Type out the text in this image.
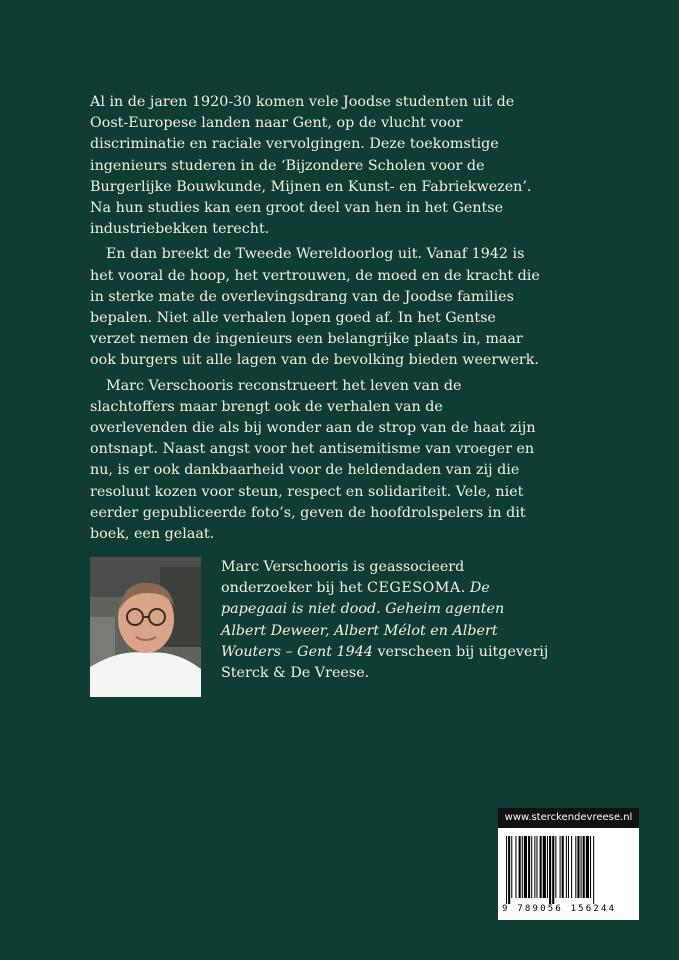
Al in de jaren 1920-30 komen vele Joodse studenten uit de Oost-Europese landen naar Gent, op de vlucht voor discriminatie en raciale vervolgingen. Deze toekomstige ingenieurs studeren in de ‘Bijzondere Scholen voor de Burgerlijke Bouwkunde, Mijnen en Kunst- en Fabriekwezen’. Na hun studies kan een groot deel van hen in het Gentse industriebekken terecht.

En dan breekt de Tweede Wereldoorlog uit. Vanaf 1942 is het vooral de hoop, het vertrouwen, de moed en de kracht die in sterke mate de overlevingsdrang van de Joodse families bepalen. Niet alle verhalen lopen goed af. In het Gentse verzet nemen de ingenieurs een belangrijke plaats in, maar ook burgers uit alle lagen van de bevolking bieden weerwerk.

Marc Verschooris reconstrueert het leven van de slachtoffers maar brengt ook de verhalen van de overlevenden die als bij wonder aan de strop van de haat zijn ontsnapt. Naast angst voor het antisemitisme van vroeger en nu, is er ook dankbaarheid voor de heldendaden van zij die resoluut kozen voor steun, respect en solidariteit. Vele, niet eerder gepubliceerde foto’s, geven de hoofdrolspelers in dit boek, een gelaat.

Marc Verschooris is geassocieerd onderzoeker bij het CEGESOMA. De papegaai is niet dood. Geheim agenten Albert Deweer, Albert Mélot en Albert Wouters – Gent 1944 verscheen bij uitgeverij Sterck & De Vreese.
www.sterckendevreese.nl
9 789056 156244
